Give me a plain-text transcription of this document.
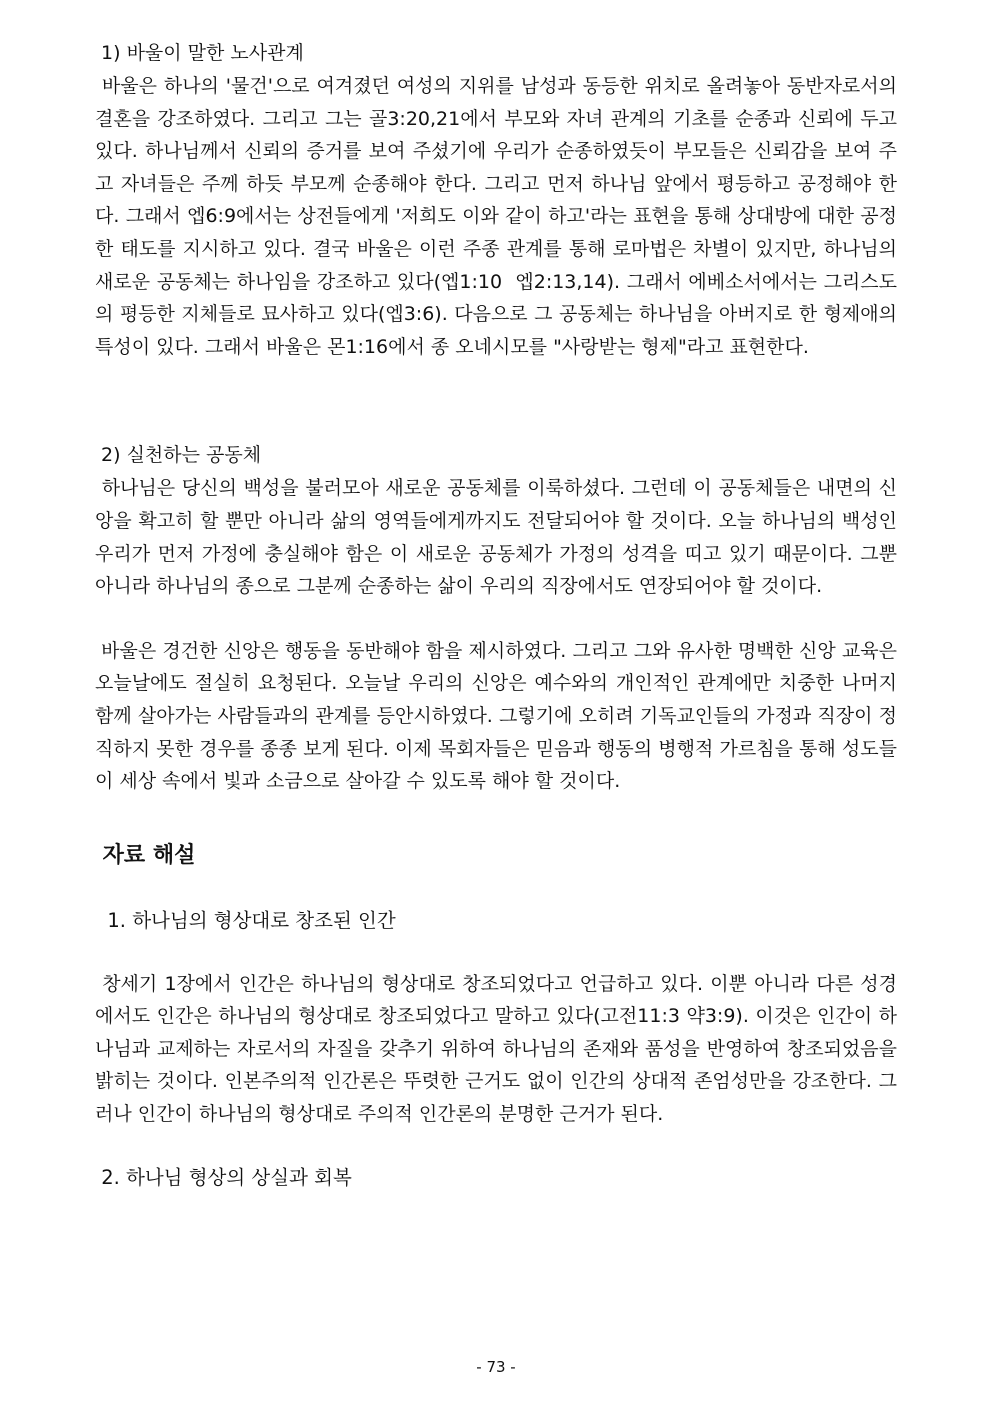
1) 바울이 말한 노사관계

바울은 하나의 '물건'으로 여겨졌던 여성의 지위를 남성과 동등한 위치로 올려놓아 동반자로서의 결혼을 강조하였다. 그리고 그는 골3:20,21에서 부모와 자녀 관계의 기초를 순종과 신뢰에 두고 있다. 하나님께서 신뢰의 증거를 보여 주셨기에 우리가 순종하였듯이 부모들은 신뢰감을 보여 주고 자녀들은 주께 하듯 부모께 순종해야 한다. 그리고 먼저 하나님 앞에서 평등하고 공정해야 한다. 그래서 엡6:9에서는 상전들에게 '저희도 이와 같이 하고'라는 표현을 통해 상대방에 대한 공정한 태도를 지시하고 있다. 결국 바울은 이런 주종 관계를 통해 로마법은 차별이 있지만, 하나님의 새로운 공동체는 하나임을 강조하고 있다(엡1:10  엡2:13,14). 그래서 에베소서에서는 그리스도의 평등한 지체들로 묘사하고 있다(엡3:6). 다음으로 그 공동체는 하나님을 아버지로 한 형제애의 특성이 있다. 그래서 바울은 몬1:16에서 종 오네시모를 "사랑받는 형제"라고 표현한다.

2) 실천하는 공동체

하나님은 당신의 백성을 불러모아 새로운 공동체를 이룩하셨다. 그런데 이 공동체들은 내면의 신앙을 확고히 할 뿐만 아니라 삶의 영역들에게까지도 전달되어야 할 것이다. 오늘 하나님의 백성인 우리가 먼저 가정에 충실해야 함은 이 새로운 공동체가 가정의 성격을 띠고 있기 때문이다. 그뿐 아니라 하나님의 종으로 그분께 순종하는 삶이 우리의 직장에서도 연장되어야 할 것이다.

바울은 경건한 신앙은 행동을 동반해야 함을 제시하였다. 그리고 그와 유사한 명백한 신앙 교육은 오늘날에도 절실히 요청된다. 오늘날 우리의 신앙은 예수와의 개인적인 관계에만 치중한 나머지 함께 살아가는 사람들과의 관계를 등안시하였다. 그렇기에 오히려 기독교인들의 가정과 직장이 정직하지 못한 경우를 종종 보게 된다. 이제 목회자들은 믿음과 행동의 병행적 가르침을 통해 성도들이 세상 속에서 빛과 소금으로 살아갈 수 있도록 해야 할 것이다.

자료 해설

1. 하나님의 형상대로 창조된 인간

창세기 1장에서 인간은 하나님의 형상대로 창조되었다고 언급하고 있다. 이뿐 아니라 다른 성경에서도 인간은 하나님의 형상대로 창조되었다고 말하고 있다(고전11:3 약3:9). 이것은 인간이 하나님과 교제하는 자로서의 자질을 갖추기 위하여 하나님의 존재와 품성을 반영하여 창조되었음을 밝히는 것이다. 인본주의적 인간론은 뚜렷한 근거도 없이 인간의 상대적 존엄성만을 강조한다. 그러나 인간이 하나님의 형상대로 주의적 인간론의 분명한 근거가 된다.

2. 하나님 형상의 상실과 회복

- 73 -
